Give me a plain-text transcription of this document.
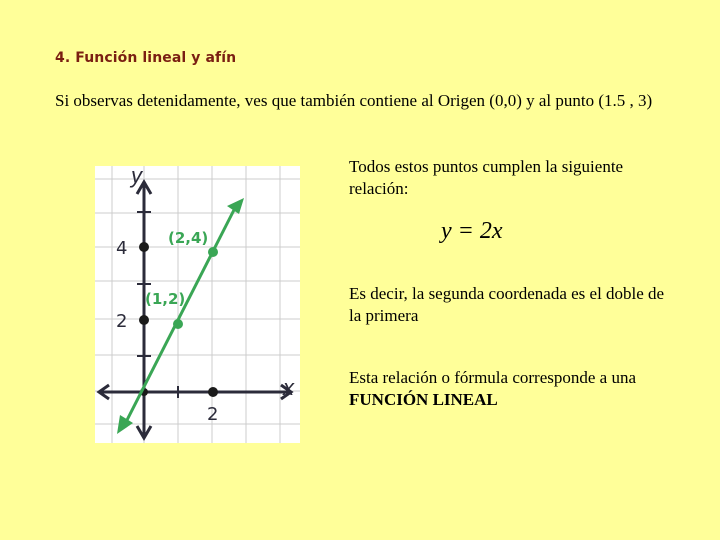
4. Función lineal y afín
Si observas detenidamente, ves que también contiene al Origen (0,0) y al punto (1.5 , 3)
y
x
4
2
2
(2,4)
(1,2)
Todos estos puntos cumplen la siguiente relación:
y = 2x
Es decir, la segunda coordenada es el doble de la primera
Esta relación o fórmula corresponde a una FUNCIÓN LINEAL
